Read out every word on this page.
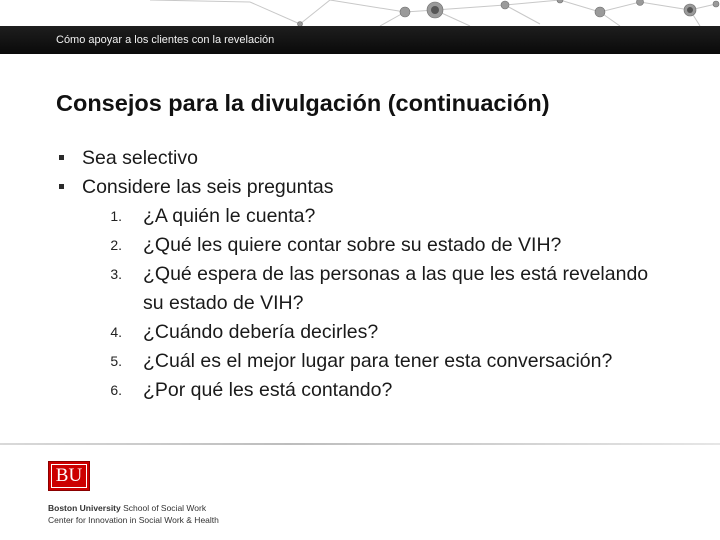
Cómo apoyar a los clientes con la revelación
Consejos para la divulgación (continuación)
Sea selectivo
Considere las seis preguntas
1. ¿A quién le cuenta?
2. ¿Qué les quiere contar sobre su estado de VIH?
3. ¿Qué espera de las personas a las que les está revelando
su estado de VIH?
4. ¿Cuándo debería decirles?
5. ¿Cuál es el mejor lugar para tener esta conversación?
6. ¿Por qué les está contando?
BU
Boston University School of Social Work
Center for Innovation in Social Work & Health
